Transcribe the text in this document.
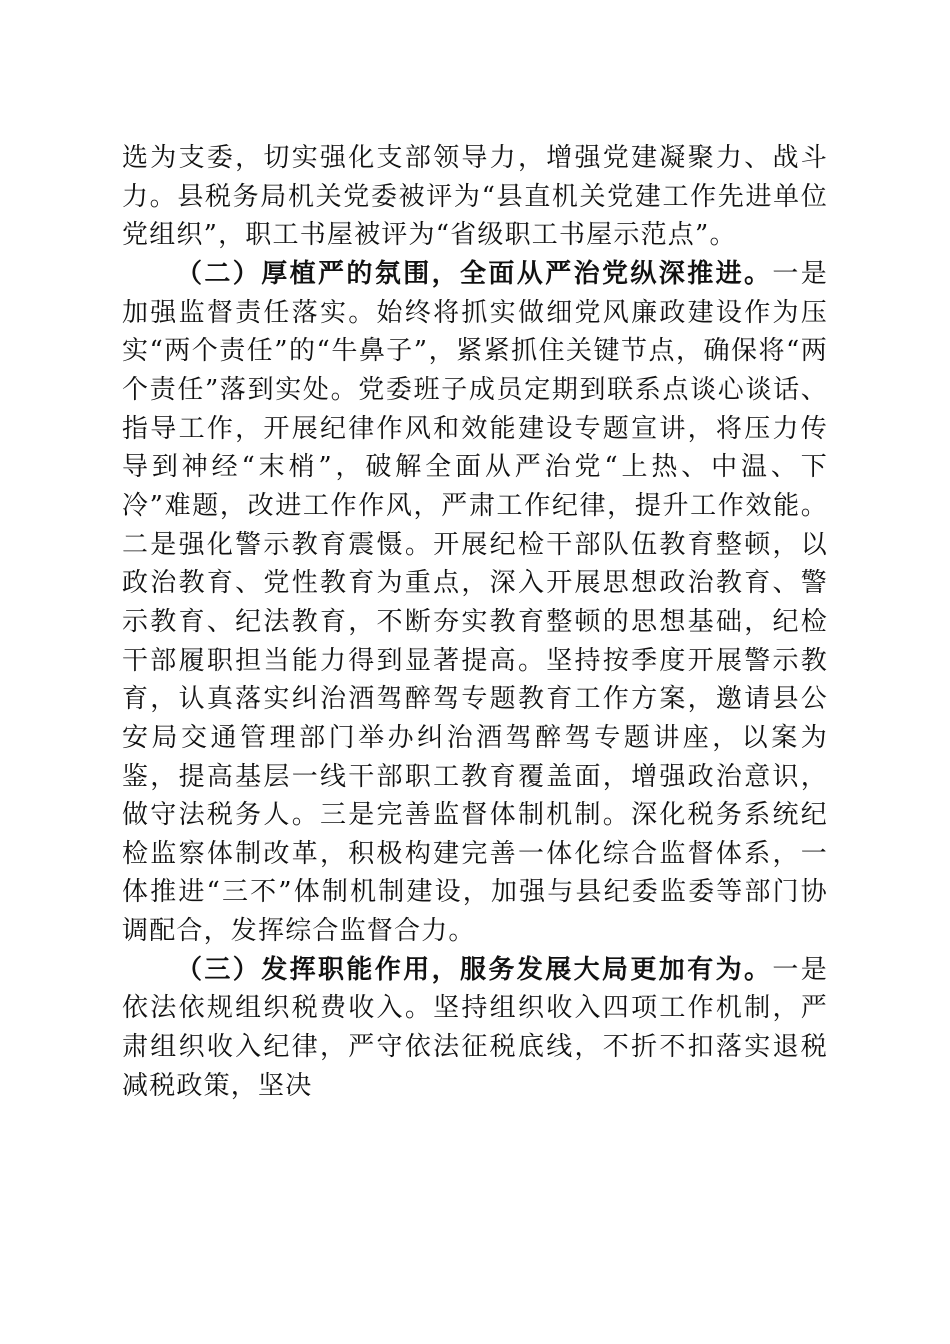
选为支委，切实强化支部领导力，增强党建凝聚力、战斗力。县税务局机关党委被评为“县直机关党建工作先进单位党组织”，职工书屋被评为“省级职工书屋示范点”。

（二）厚植严的氛围，全面从严治党纵深推进。一是加强监督责任落实。始终将抓实做细党风廉政建设作为压实“两个责任”的“牛鼻子”，紧紧抓住关键节点，确保将“两个责任”落到实处。党委班子成员定期到联系点谈心谈话、指导工作，开展纪律作风和效能建设专题宣讲，将压力传导到神经“末梢”，破解全面从严治党“上热、中温、下冷”难题，改进工作作风，严肃工作纪律，提升工作效能。二是强化警示教育震慑。开展纪检干部队伍教育整顿，以政治教育、党性教育为重点，深入开展思想政治教育、警示教育、纪法教育，不断夯实教育整顿的思想基础，纪检干部履职担当能力得到显著提高。坚持按季度开展警示教育，认真落实纠治酒驾醉驾专题教育工作方案，邀请县公安局交通管理部门举办纠治酒驾醉驾专题讲座，以案为鉴，提高基层一线干部职工教育覆盖面，增强政治意识，做守法税务人。三是完善监督体制机制。深化税务系统纪检监察体制改革，积极构建完善一体化综合监督体系，一体推进“三不”体制机制建设，加强与县纪委监委等部门协调配合，发挥综合监督合力。

（三）发挥职能作用，服务发展大局更加有为。一是依法依规组织税费收入。坚持组织收入四项工作机制，严肃组织收入纪律，严守依法征税底线，不折不扣落实退税减税政策，坚决
